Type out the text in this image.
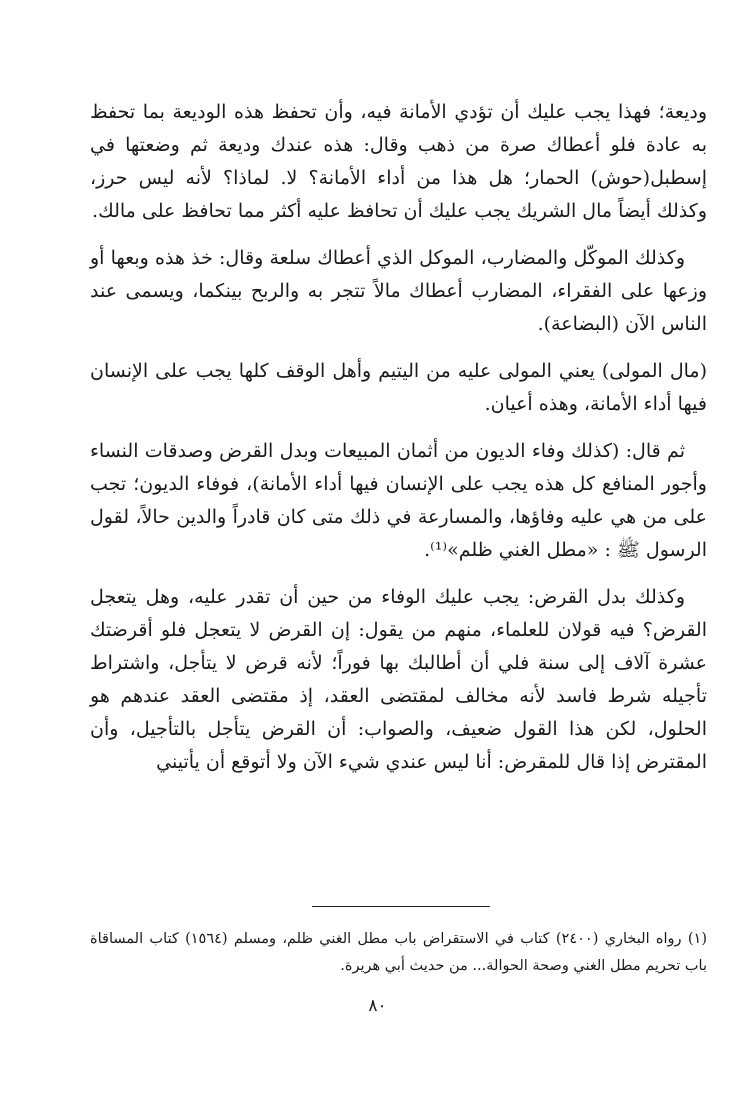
وديعة؛ فهذا يجب عليك أن تؤدي الأمانة فيه، وأن تحفظ هذه الوديعة بما تحفظ به عادة فلو أعطاك صرة من ذهب وقال: هذه عندك وديعة ثم وضعتها في إسطبل(حوش) الحمار؛ هل هذا من أداء الأمانة؟ لا. لماذا؟ لأنه ليس حرز، وكذلك أيضاً مال الشريك يجب عليك أن تحافظ عليه أكثر مما تحافظ على مالك.

وكذلك الموكّل والمضارب، الموكل الذي أعطاك سلعة وقال: خذ هذه وبعها أو وزعها على الفقراء، المضارب أعطاك مالاً تتجر به والربح بينكما، ويسمى عند الناس الآن (البضاعة).

(مال المولى) يعني المولى عليه من اليتيم وأهل الوقف كلها يجب على الإنسان فيها أداء الأمانة، وهذه أعيان.

ثم قال: (كذلك وفاء الديون من أثمان المبيعات وبدل القرض وصدقات النساء وأجور المنافع كل هذه يجب على الإنسان فيها أداء الأمانة)، فوفاء الديون؛ تجب على من هي عليه وفاؤها، والمسارعة في ذلك متى كان قادراً والدين حالاً، لقول الرسول ﷺ : «مطل الغني ظلم»⁽¹⁾.

وكذلك بدل القرض: يجب عليك الوفاء من حين أن تقدر عليه، وهل يتعجل القرض؟ فيه قولان للعلماء، منهم من يقول: إن القرض لا يتعجل فلو أقرضتك عشرة آلاف إلى سنة فلي أن أطالبك بها فوراً؛ لأنه قرض لا يتأجل، واشتراط تأجيله شرط فاسد لأنه مخالف لمقتضى العقد، إذ مقتضى العقد عندهم هو الحلول، لكن هذا القول ضعيف، والصواب: أن القرض يتأجل بالتأجيل، وأن المقترض إذا قال للمقرض: أنا ليس عندي شيء الآن ولا أتوقع أن يأتيني

(١) رواه البخاري (٢٤٠٠) كتاب في الاستقراض باب مطل الغني ظلم، ومسلم (١٥٦٤) كتاب المساقاة باب تحريم مطل الغني وصحة الحوالة... من حديث أبي هريرة.

٨٠
